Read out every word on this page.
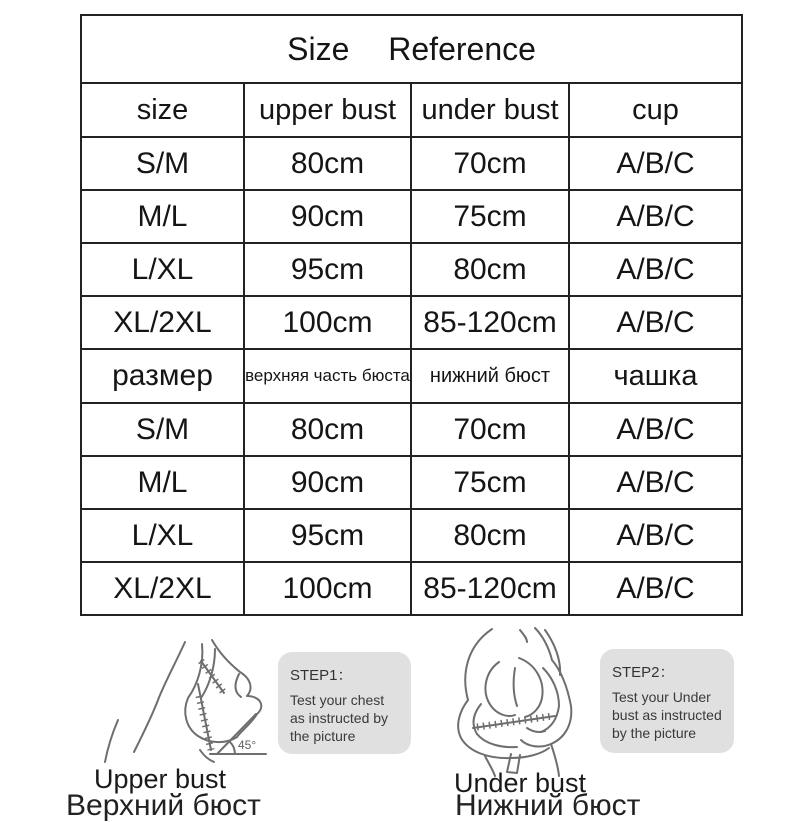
Size Reference			
size	upper bust	under bust	cup
S/M	80cm	70cm	A/B/C
M/L	90cm	75cm	A/B/C
L/XL	95cm	80cm	A/B/C
XL/2XL	100cm	85-120cm	A/B/C
размер	верхняя часть бюста	нижний бюст	чашка
S/M	80cm	70cm	A/B/C
M/L	90cm	75cm	A/B/C
L/XL	95cm	80cm	A/B/C
XL/2XL	100cm	85-120cm	A/B/C
45°
STEP1：
Test your chest as instructed by the picture
STEP2：
Test your Under bust as instructed by the picture
Upper bust	Under bust
Верхний бюст	Нижний бюст
